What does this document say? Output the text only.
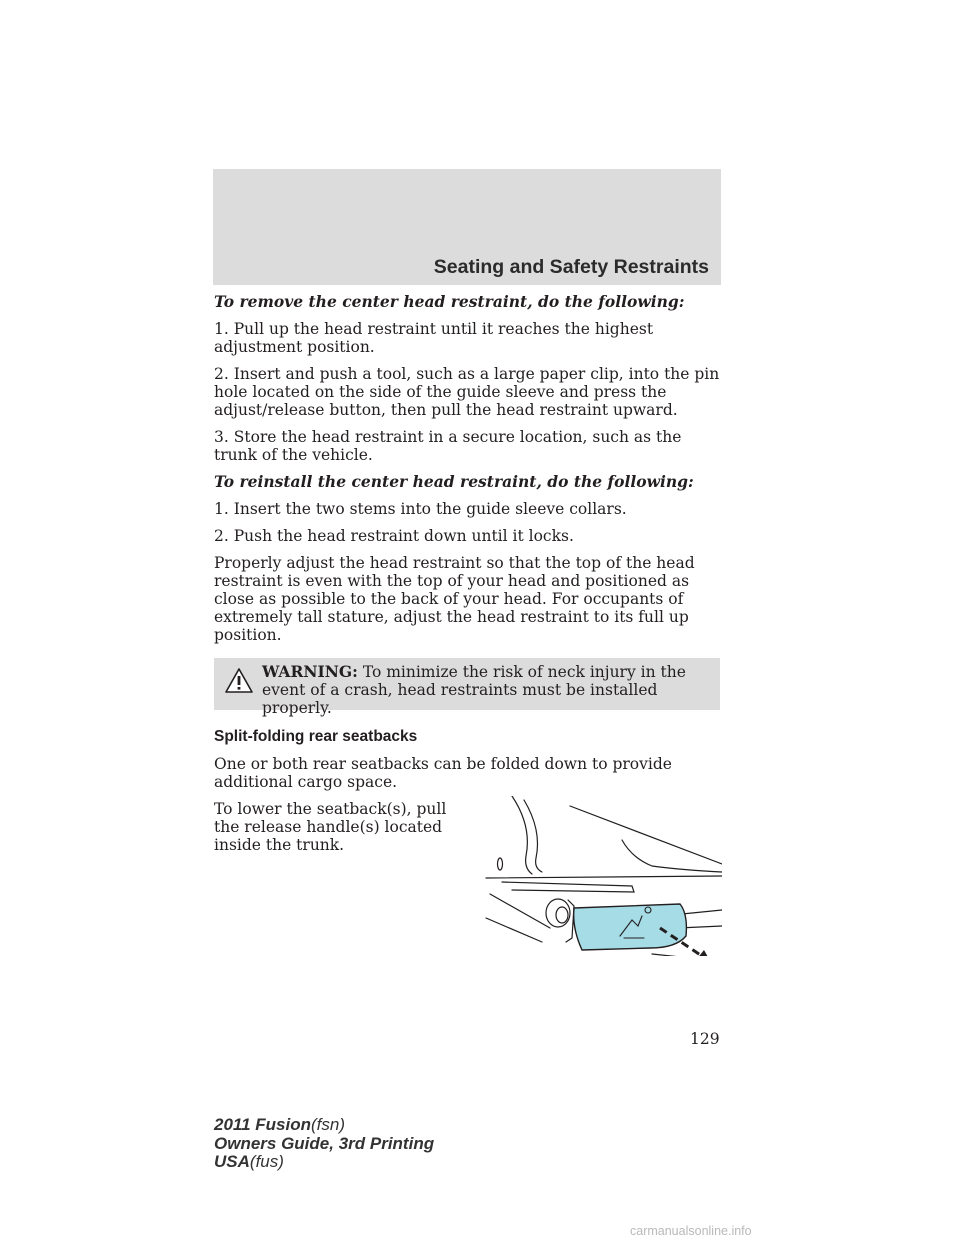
Seating and Safety Restraints

To remove the center head restraint, do the following:

1. Pull up the head restraint until it reaches the highest adjustment position.

2. Insert and push a tool, such as a large paper clip, into the pin hole located on the side of the guide sleeve and press the adjust/release button, then pull the head restraint upward.

3. Store the head restraint in a secure location, such as the trunk of the vehicle.

To reinstall the center head restraint, do the following:

1. Insert the two stems into the guide sleeve collars.

2. Push the head restraint down until it locks.

Properly adjust the head restraint so that the top of the head restraint is even with the top of your head and positioned as close as possible to the back of your head. For occupants of extremely tall stature, adjust the head restraint to its full up position.

WARNING: To minimize the risk of neck injury in the event of a crash, head restraints must be installed properly.

Split-folding rear seatbacks

One or both rear seatbacks can be folded down to provide additional cargo space.

To lower the seatback(s), pull the release handle(s) located inside the trunk.

129
2011 Fusion(fsn)
Owners Guide, 3rd Printing
USA(fus)
carmanualsonline.info
